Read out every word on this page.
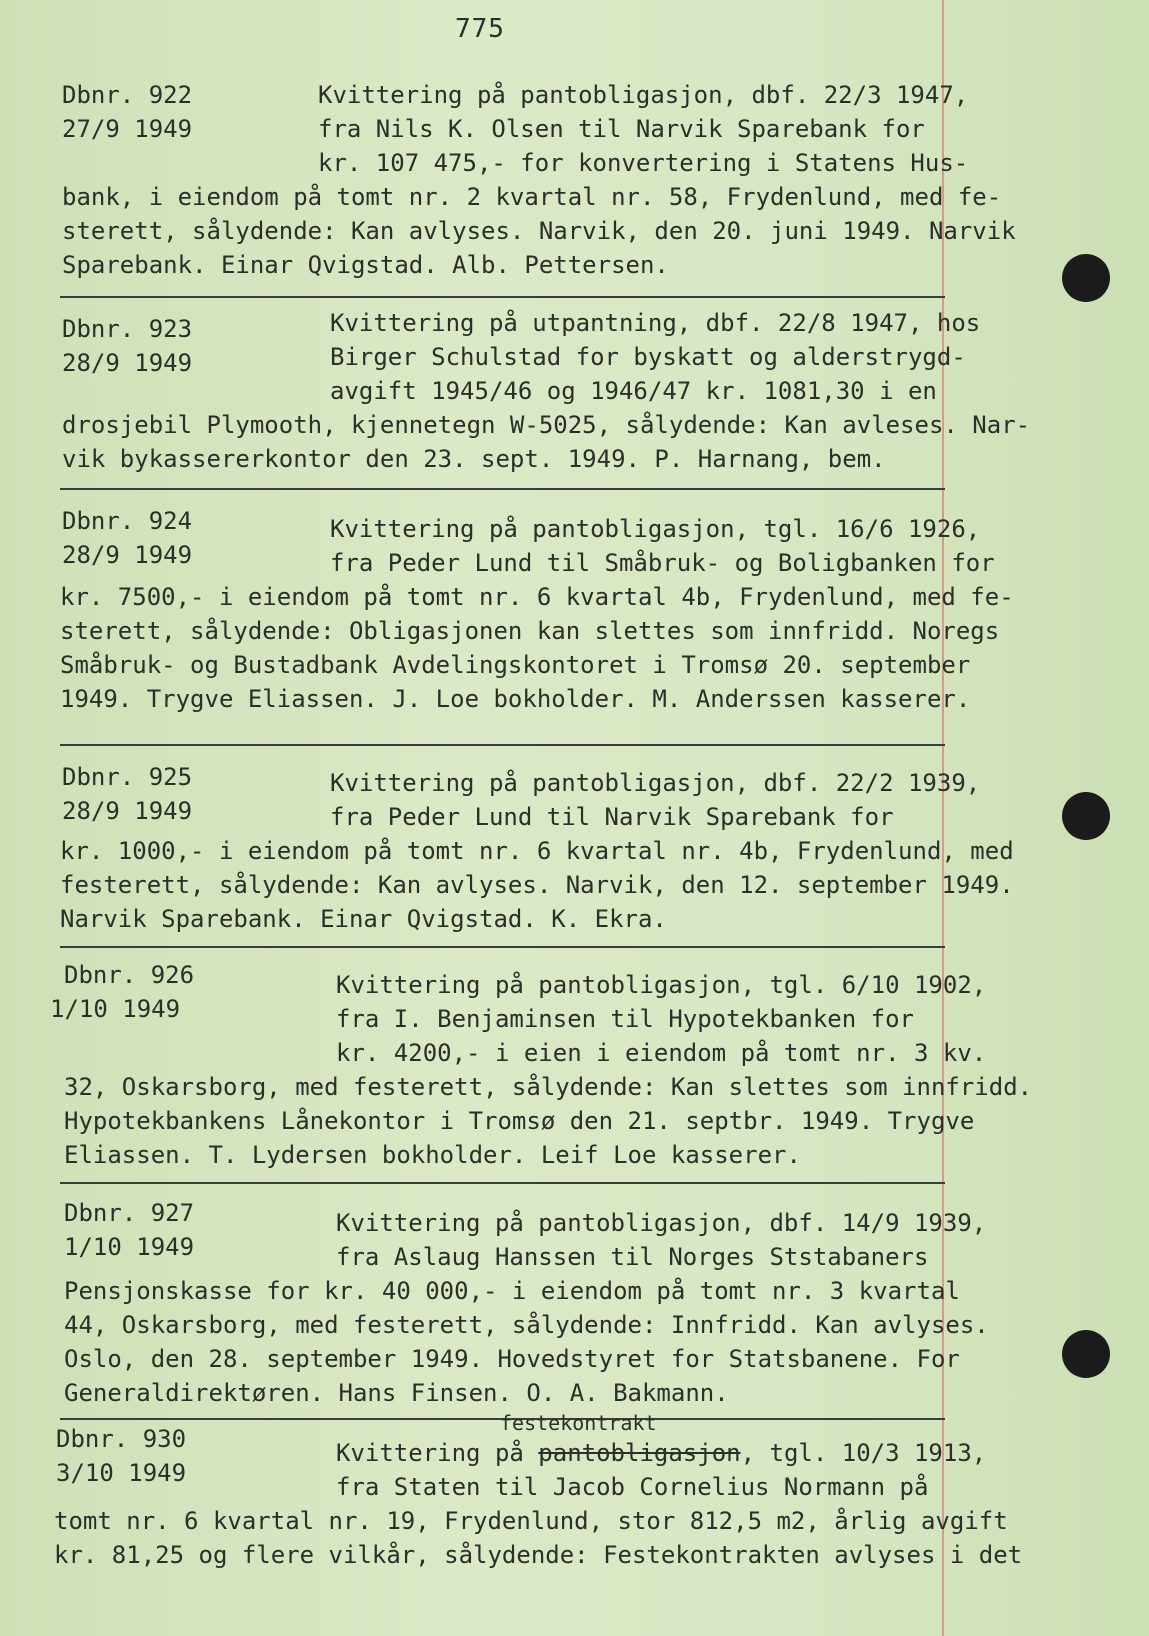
775
Dbnr. 922
27/9 1949
Kvittering på pantobligasjon, dbf. 22/3 1947,
fra Nils K. Olsen til Narvik Sparebank for
kr. 107 475,- for konvertering i Statens Hus-
bank, i eiendom på tomt nr. 2 kvartal nr. 58, Frydenlund, med fe-
sterett, sålydende: Kan avlyses. Narvik, den 20. juni 1949. Narvik
Sparebank. Einar Qvigstad. Alb. Pettersen.
Dbnr. 923
28/9 1949
Kvittering på utpantning, dbf. 22/8 1947, hos
Birger Schulstad for byskatt og alderstrygd-
avgift 1945/46 og 1946/47 kr. 1081,30 i en
drosjebil Plymooth, kjennetegn W-5025, sålydende: Kan avleses. Nar-
vik bykassererkontor den 23. sept. 1949. P. Harnang, bem.
Dbnr. 924
28/9 1949
Kvittering på pantobligasjon, tgl. 16/6 1926,
fra Peder Lund til Småbruk- og Boligbanken for
kr. 7500,- i eiendom på tomt nr. 6 kvartal 4b, Frydenlund, med fe-
sterett, sålydende: Obligasjonen kan slettes som innfridd. Noregs
Småbruk- og Bustadbank Avdelingskontoret i Tromsø 20. september
1949. Trygve Eliassen. J. Loe bokholder. M. Anderssen kasserer.
Dbnr. 925
28/9 1949
Kvittering på pantobligasjon, dbf. 22/2 1939,
fra Peder Lund til Narvik Sparebank for
kr. 1000,- i eiendom på tomt nr. 6 kvartal nr. 4b, Frydenlund, med
festerett, sålydende: Kan avlyses. Narvik, den 12. september 1949.
Narvik Sparebank. Einar Qvigstad. K. Ekra.
Dbnr. 926
1/10 1949
Kvittering på pantobligasjon, tgl. 6/10 1902,
fra I. Benjaminsen til Hypotekbanken for
kr. 4200,- i eien i eiendom på tomt nr. 3 kv.
32, Oskarsborg, med festerett, sålydende: Kan slettes som innfridd.
Hypotekbankens Lånekontor i Tromsø den 21. septbr. 1949. Trygve
Eliassen. T. Lydersen bokholder. Leif Loe kasserer.
Dbnr. 927
1/10 1949
Kvittering på pantobligasjon, dbf. 14/9 1939,
fra Aslaug Hanssen til Norges Ststabaners
Pensjonskasse for kr. 40 000,- i eiendom på tomt nr. 3 kvartal
44, Oskarsborg, med festerett, sålydende: Innfridd. Kan avlyses.
Oslo, den 28. september 1949. Hovedstyret for Statsbanene. For
Generaldirektøren. Hans Finsen. O. A. Bakmann.
Dbnr. 930
3/10 1949
festekontrakt
Kvittering på pantobligasjon, tgl. 10/3 1913,
fra Staten til Jacob Cornelius Normann på
tomt nr. 6 kvartal nr. 19, Frydenlund, stor 812,5 m2, årlig avgift
kr. 81,25 og flere vilkår, sålydende: Festekontrakten avlyses i det
